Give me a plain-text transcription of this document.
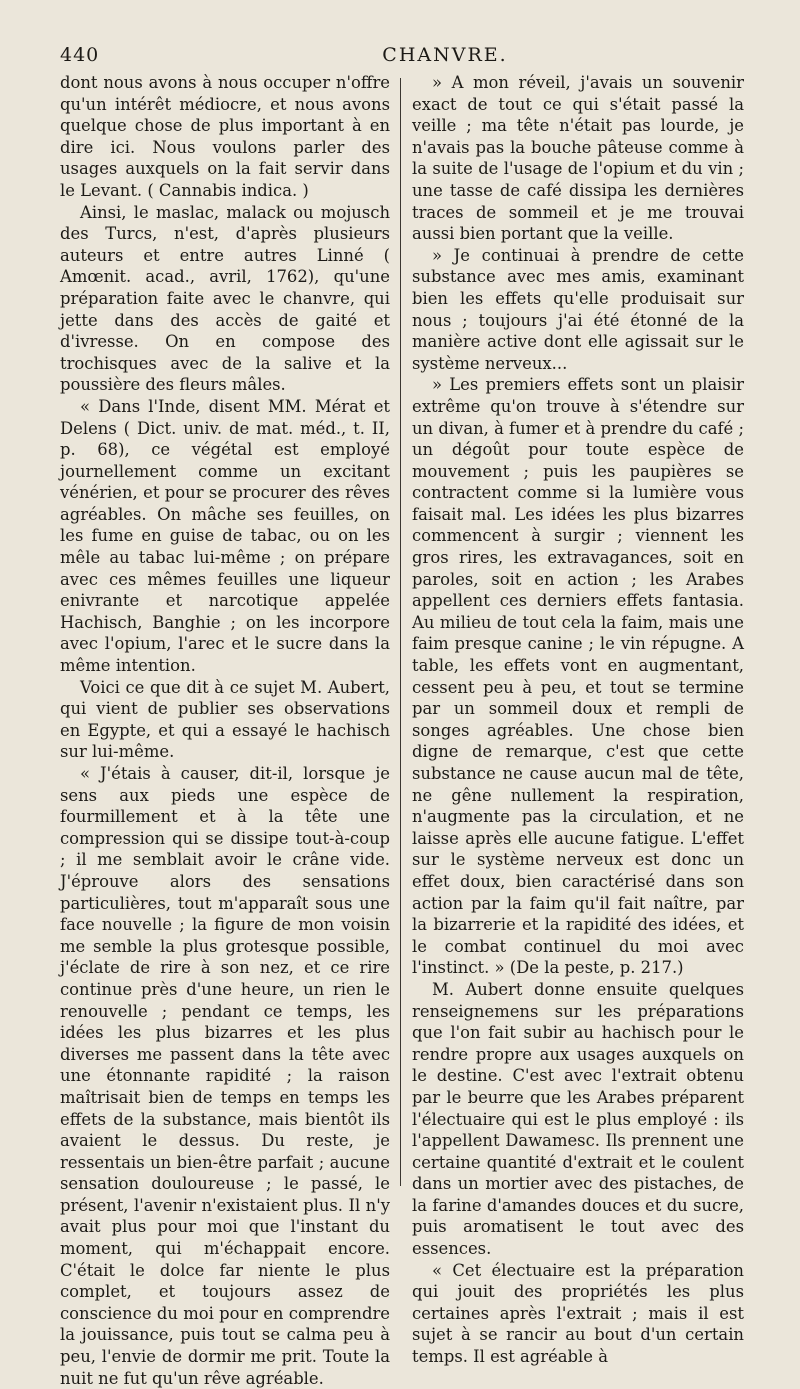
440	CHANVRE.

dont nous avons à nous occuper n'offre qu'un intérêt médiocre, et nous avons quelque chose de plus important à en dire ici. Nous voulons parler des usages auxquels on la fait servir dans le Levant. ( Cannabis indica. )

Ainsi, le maslac, malack ou mojusch des Turcs, n'est, d'après plusieurs auteurs et entre autres Linné ( Amœnit. acad., avril, 1762), qu'une préparation faite avec le chanvre, qui jette dans des accès de gaité et d'ivresse. On en compose des trochisques avec de la salive et la poussière des fleurs mâles.

« Dans l'Inde, disent MM. Mérat et Delens ( Dict. univ. de mat. méd., t. II, p. 68), ce végétal est employé journellement comme un excitant vénérien, et pour se procurer des rêves agréables. On mâche ses feuilles, on les fume en guise de tabac, ou on les mêle au tabac lui-même ; on prépare avec ces mêmes feuilles une liqueur enivrante et narcotique appelée Hachisch, Banghie ; on les incorpore avec l'opium, l'arec et le sucre dans la même intention.

Voici ce que dit à ce sujet M. Aubert, qui vient de publier ses observations en Egypte, et qui a essayé le hachisch sur lui-même.

« J'étais à causer, dit-il, lorsque je sens aux pieds une espèce de fourmillement et à la tête une compression qui se dissipe tout-à-coup ; il me semblait avoir le crâne vide. J'éprouve alors des sensations particulières, tout m'apparaît sous une face nouvelle ; la figure de mon voisin me semble la plus grotesque possible, j'éclate de rire à son nez, et ce rire continue près d'une heure, un rien le renouvelle ; pendant ce temps, les idées les plus bizarres et les plus diverses me passent dans la tête avec une étonnante rapidité ; la raison maîtrisait bien de temps en temps les effets de la substance, mais bientôt ils avaient le dessus. Du reste, je ressentais un bien-être parfait ; aucune sensation douloureuse ; le passé, le présent, l'avenir n'existaient plus. Il n'y avait plus pour moi que l'instant du moment, qui m'échappait encore. C'était le dolce far niente le plus complet, et toujours assez de conscience du moi pour en comprendre la jouissance, puis tout se calma peu à peu, l'envie de dormir me prit. Toute la nuit ne fut qu'un rêve agréable.

» A mon réveil, j'avais un souvenir exact de tout ce qui s'était passé la veille ; ma tête n'était pas lourde, je n'avais pas la bouche pâteuse comme à la suite de l'usage de l'opium et du vin ; une tasse de café dissipa les dernières traces de sommeil et je me trouvai aussi bien portant que la veille.

» Je continuai à prendre de cette substance avec mes amis, examinant bien les effets qu'elle produisait sur nous ; toujours j'ai été étonné de la manière active dont elle agissait sur le système nerveux...

» Les premiers effets sont un plaisir extrême qu'on trouve à s'étendre sur un divan, à fumer et à prendre du café ; un dégoût pour toute espèce de mouvement ; puis les paupières se contractent comme si la lumière vous faisait mal. Les idées les plus bizarres commencent à surgir ; viennent les gros rires, les extravagances, soit en paroles, soit en action ; les Arabes appellent ces derniers effets fantasia. Au milieu de tout cela la faim, mais une faim presque canine ; le vin répugne. A table, les effets vont en augmentant, cessent peu à peu, et tout se termine par un sommeil doux et rempli de songes agréables. Une chose bien digne de remarque, c'est que cette substance ne cause aucun mal de tête, ne gêne nullement la respiration, n'augmente pas la circulation, et ne laisse après elle aucune fatigue. L'effet sur le système nerveux est donc un effet doux, bien caractérisé dans son action par la faim qu'il fait naître, par la bizarrerie et la rapidité des idées, et le combat continuel du moi avec l'instinct. » (De la peste, p. 217.)

M. Aubert donne ensuite quelques renseignemens sur les préparations que l'on fait subir au hachisch pour le rendre propre aux usages auxquels on le destine. C'est avec l'extrait obtenu par le beurre que les Arabes préparent l'électuaire qui est le plus employé : ils l'appellent Dawamesc. Ils prennent une certaine quantité d'extrait et le coulent dans un mortier avec des pistaches, de la farine d'amandes douces et du sucre, puis aromatisent le tout avec des essences.

« Cet électuaire est la préparation qui jouit des propriétés les plus certaines après l'extrait ; mais il est sujet à se rancir au bout d'un certain temps. Il est agréable à
